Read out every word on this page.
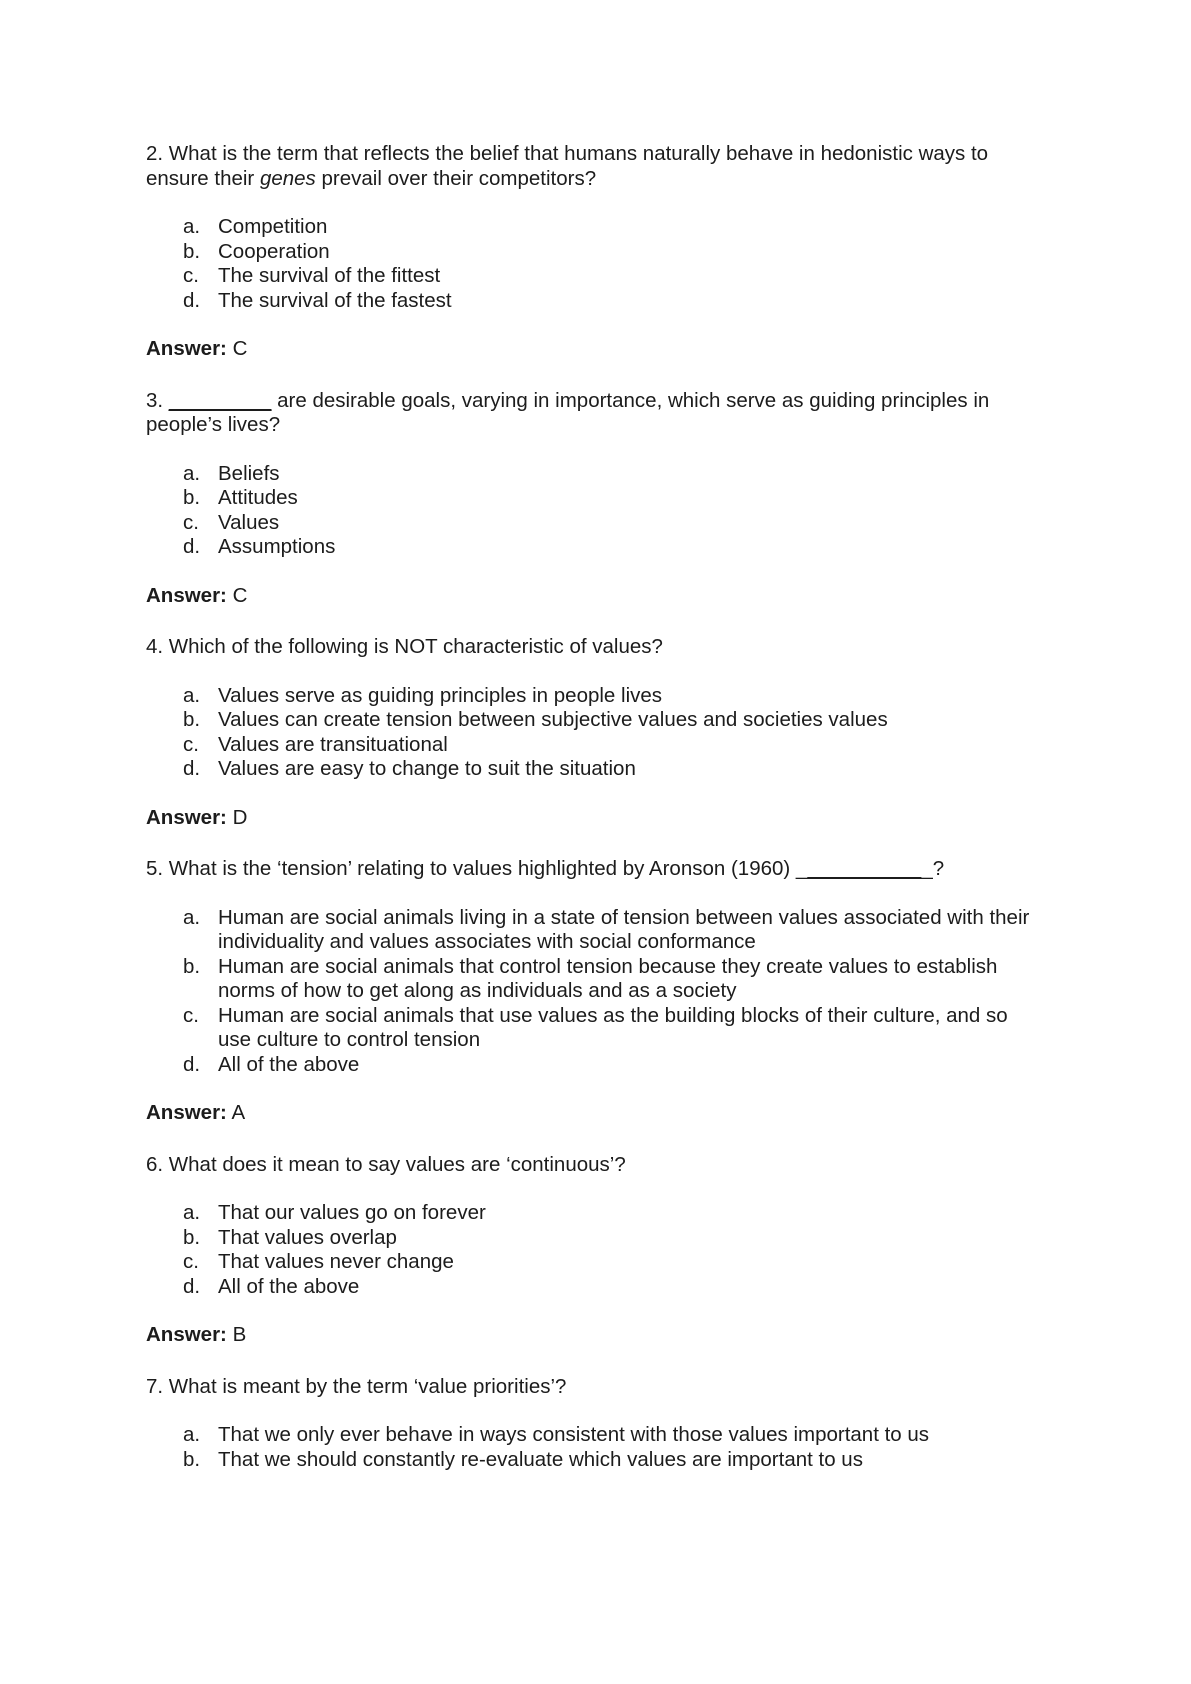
2. What is the term that reflects the belief that humans naturally behave in hedonistic ways to ensure their genes prevail over their competitors?

a. Competition
b. Cooperation
c. The survival of the fittest
d. The survival of the fastest

Answer: C

3. _________ are desirable goals, varying in importance, which serve as guiding principles in people’s lives?

a. Beliefs
b. Attitudes
c. Values
d. Assumptions

Answer: C

4. Which of the following is NOT characteristic of values?

a. Values serve as guiding principles in people lives
b. Values can create tension between subjective values and societies values
c. Values are transituational
d. Values are easy to change to suit the situation

Answer: D

5. What is the ‘tension’ relating to values highlighted by Aronson (1960) ____________?

a. Human are social animals living in a state of tension between values associated with their individuality and values associates with social conformance
b. Human are social animals that control tension because they create values to establish norms of how to get along as individuals and as a society
c. Human are social animals that use values as the building blocks of their culture, and so use culture to control tension
d. All of the above

Answer: A

6. What does it mean to say values are ‘continuous’?

a. That our values go on forever
b. That values overlap
c. That values never change
d. All of the above

Answer: B

7. What is meant by the term ‘value priorities’?

a. That we only ever behave in ways consistent with those values important to us
b. That we should constantly re-evaluate which values are important to us
